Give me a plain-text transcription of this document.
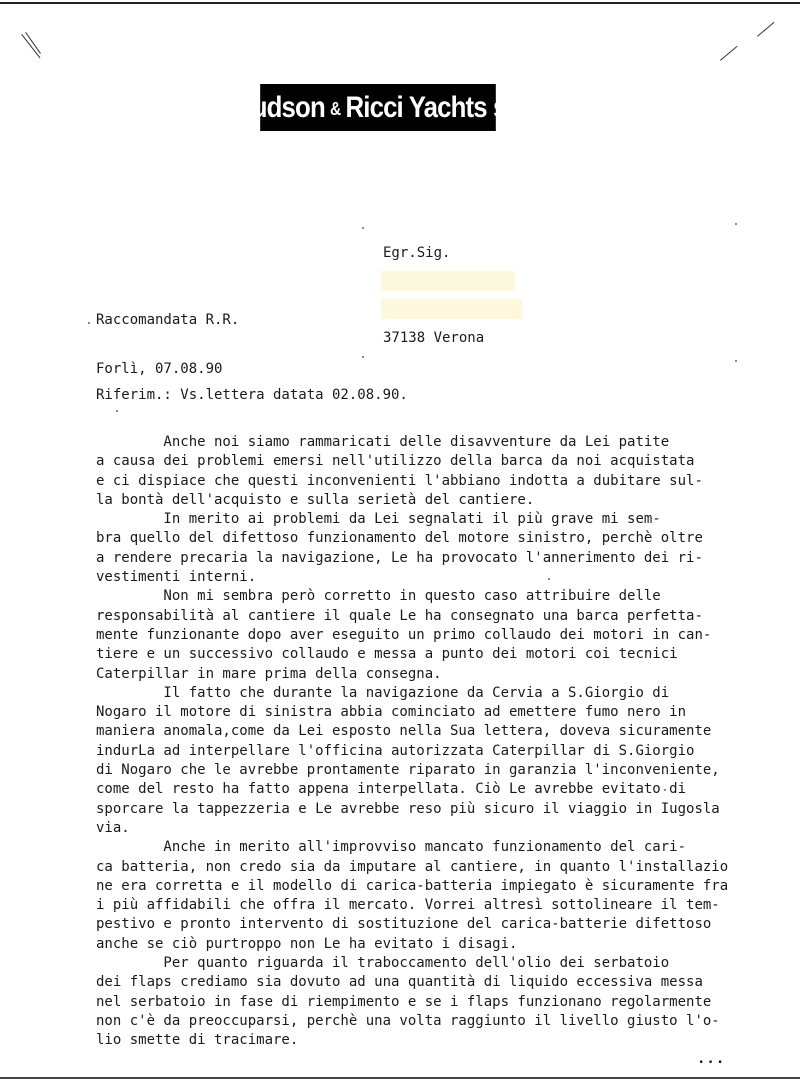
Hudson & Ricci Yachts srl
Egr.Sig.
37138 Verona
Raccomandata R.R.
Forlì, 07.08.90
Riferim.: Vs.lettera datata 02.08.90.
Anche noi siamo rammaricati delle disavventure da Lei patite
a causa dei problemi emersi nell'utilizzo della barca da noi acquistata
e ci dispiace che questi inconvenienti l'abbiano indotta a dubitare sul-
la bontà dell'acquisto e sulla serietà del cantiere.
In merito ai problemi da Lei segnalati il più grave mi sem-
bra quello del difettoso funzionamento del motore sinistro, perchè oltre
a rendere precaria la navigazione, Le ha provocato l'annerimento dei ri-
vestimenti interni.
Non mi sembra però corretto in questo caso attribuire delle
responsabilità al cantiere il quale Le ha consegnato una barca perfetta-
mente funzionante dopo aver eseguito un primo collaudo dei motori in can-
tiere e un successivo collaudo e messa a punto dei motori coi tecnici
Caterpillar in mare prima della consegna.
Il fatto che durante la navigazione da Cervia a S.Giorgio di
Nogaro il motore di sinistra abbia cominciato ad emettere fumo nero in
maniera anomala,come da Lei esposto nella Sua lettera, doveva sicuramente
indurLa ad interpellare l'officina autorizzata Caterpillar di S.Giorgio
di Nogaro che le avrebbe prontamente riparato in garanzia l'inconveniente,
come del resto ha fatto appena interpellata. Ciò Le avrebbe evitato di
sporcare la tappezzeria e Le avrebbe reso più sicuro il viaggio in Iugosla
via.
Anche in merito all'improvviso mancato funzionamento del cari-
ca batteria, non credo sia da imputare al cantiere, in quanto l'installazio
ne era corretta e il modello di carica-batteria impiegato è sicuramente fra
i più affidabili che offra il mercato. Vorrei altresì sottolineare il tem-
pestivo e pronto intervento di sostituzione del carica-batterie difettoso
anche se ciò purtroppo non Le ha evitato i disagi.
Per quanto riguarda il traboccamento dell'olio dei serbatoio
dei flaps crediamo sia dovuto ad una quantità di liquido eccessiva messa
nel serbatoio in fase di riempimento e se i flaps funzionano regolarmente
non c'è da preoccuparsi, perchè una volta raggiunto il livello giusto l'o-
lio smette di tracimare.
...
